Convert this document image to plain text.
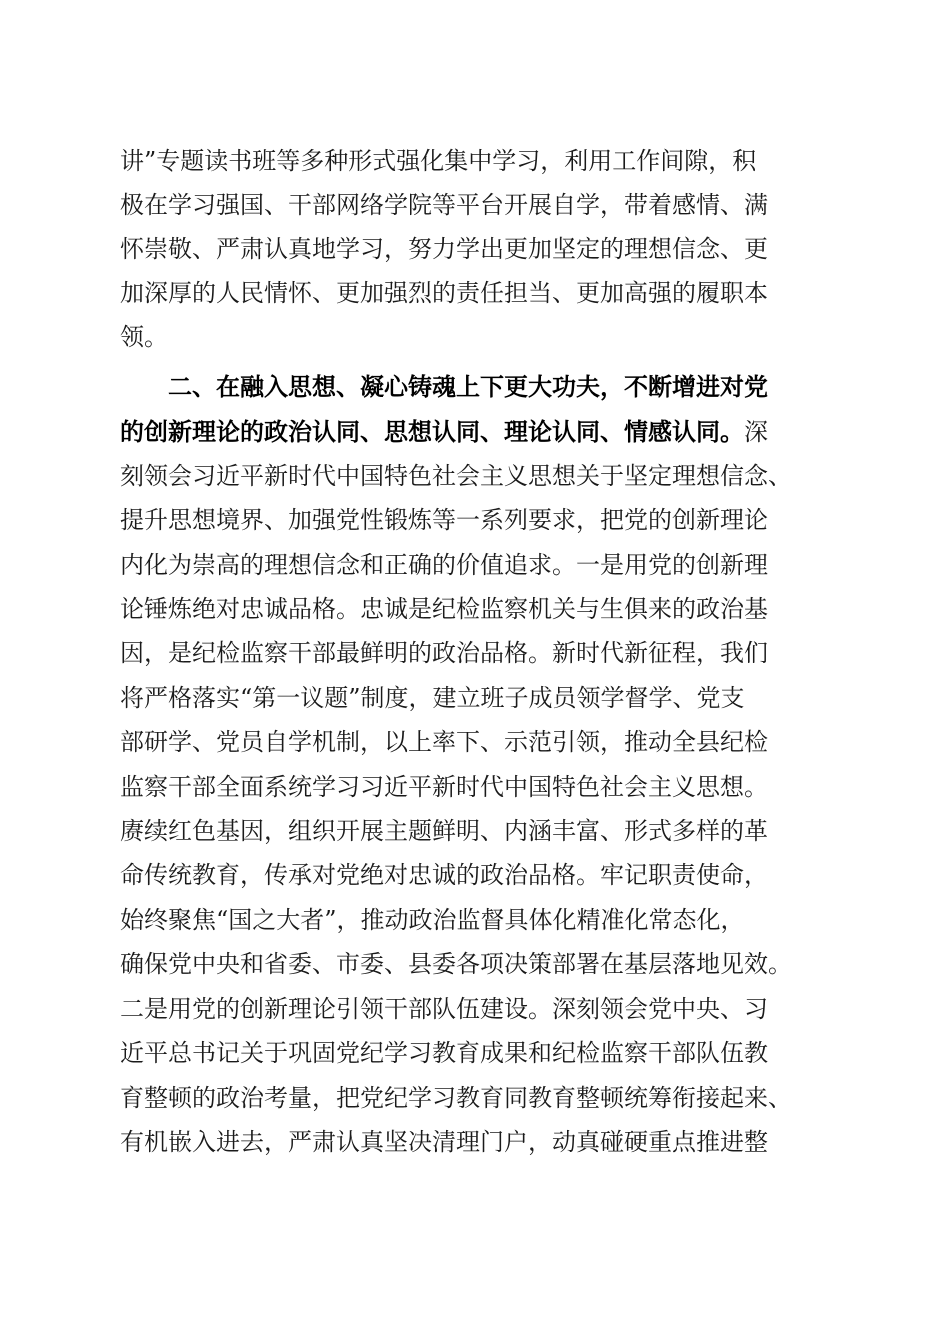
讲”专题读书班等多种形式强化集中学习，利用工作间隙，积
极在学习强国、干部网络学院等平台开展自学，带着感情、满
怀崇敬、严肃认真地学习，努力学出更加坚定的理想信念、更
加深厚的人民情怀、更加强烈的责任担当、更加高强的履职本
领。
二、在融入思想、凝心铸魂上下更大功夫，不断增进对党
的创新理论的政治认同、思想认同、理论认同、情感认同。深
刻领会习近平新时代中国特色社会主义思想关于坚定理想信念、
提升思想境界、加强党性锻炼等一系列要求，把党的创新理论
内化为崇高的理想信念和正确的价值追求。一是用党的创新理
论锤炼绝对忠诚品格。忠诚是纪检监察机关与生俱来的政治基
因，是纪检监察干部最鲜明的政治品格。新时代新征程，我们
将严格落实“第一议题”制度，建立班子成员领学督学、党支
部研学、党员自学机制，以上率下、示范引领，推动全县纪检
监察干部全面系统学习习近平新时代中国特色社会主义思想。
赓续红色基因，组织开展主题鲜明、内涵丰富、形式多样的革
命传统教育，传承对党绝对忠诚的政治品格。牢记职责使命，
始终聚焦“国之大者”，推动政治监督具体化精准化常态化，
确保党中央和省委、市委、县委各项决策部署在基层落地见效。
二是用党的创新理论引领干部队伍建设。深刻领会党中央、习
近平总书记关于巩固党纪学习教育成果和纪检监察干部队伍教
育整顿的政治考量，把党纪学习教育同教育整顿统筹衔接起来、
有机嵌入进去，严肃认真坚决清理门户，动真碰硬重点推进整
